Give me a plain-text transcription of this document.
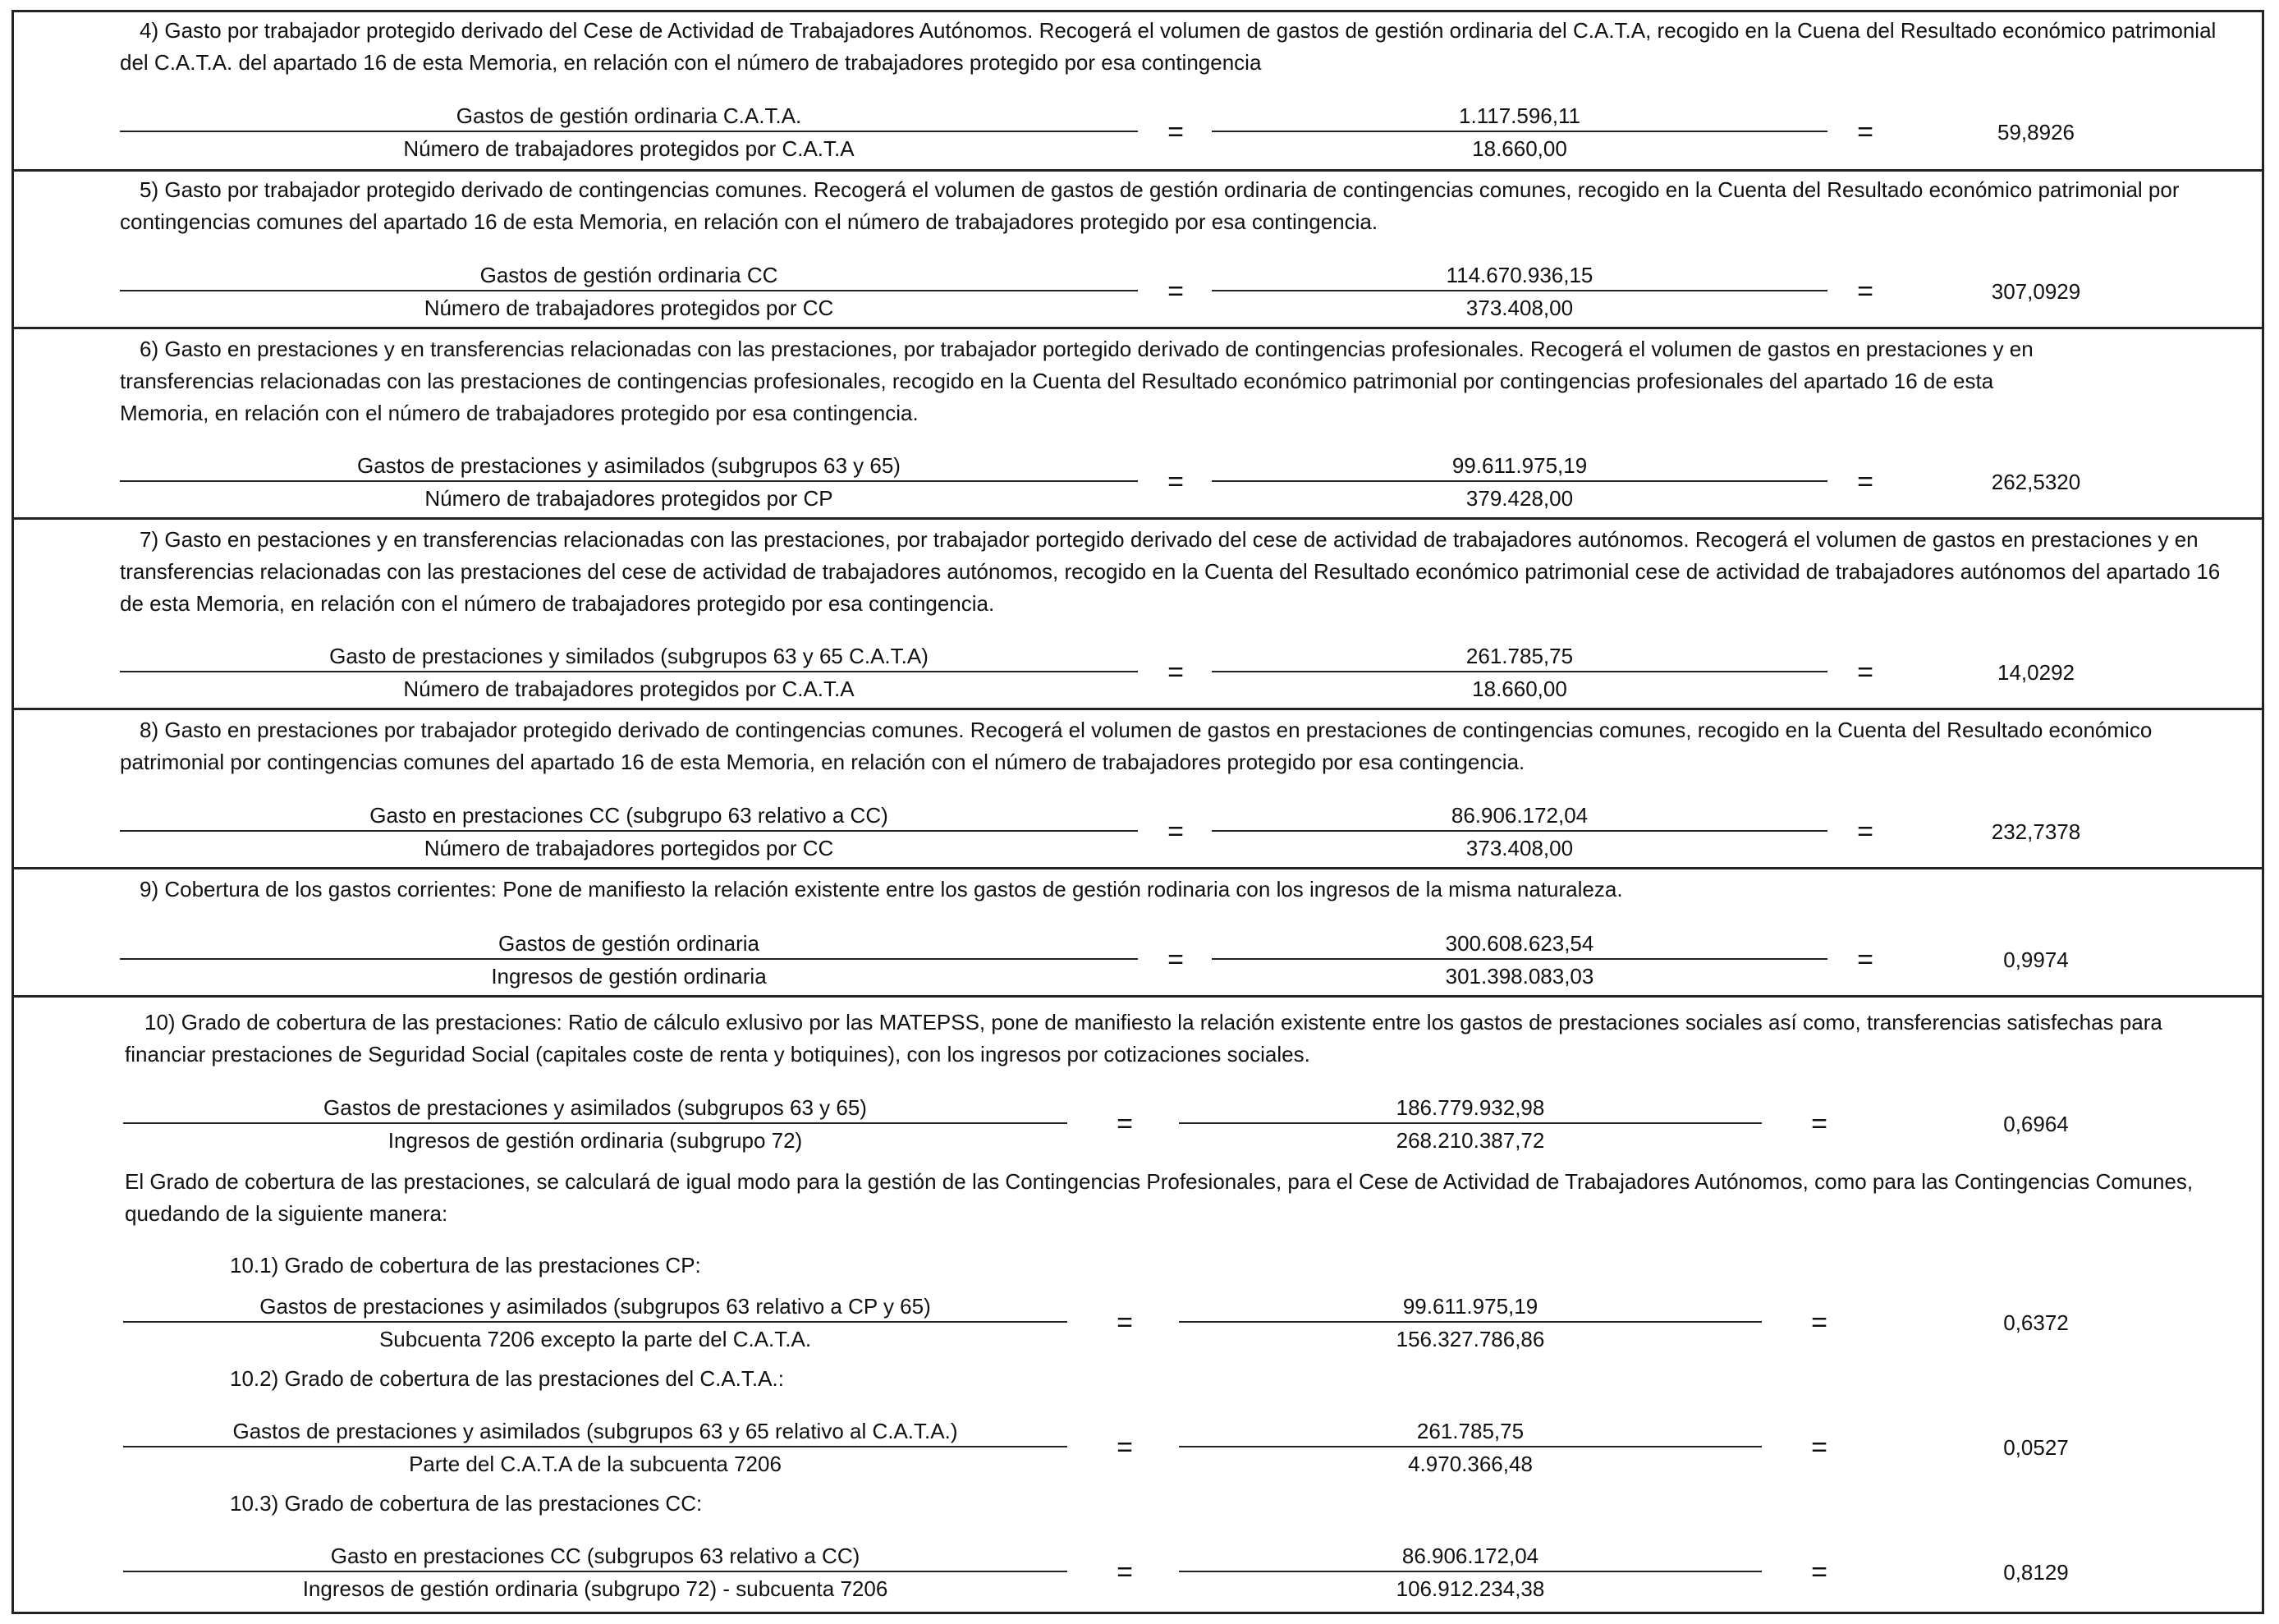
4) Gasto por trabajador protegido derivado del Cese de Actividad de Trabajadores Autónomos. Recogerá el volumen de gastos de gestión ordinaria del C.A.T.A, recogido en la Cuena del Resultado económico patrimonial del C.A.T.A. del apartado 16 de esta Memoria, en relación con el número de trabajadores protegido por esa contingencia
5) Gasto por trabajador protegido derivado de contingencias comunes. Recogerá el volumen de gastos de gestión ordinaria de contingencias comunes, recogido en la Cuenta del Resultado económico patrimonial por contingencias comunes del apartado 16 de esta Memoria, en relación con el número de trabajadores protegido por esa contingencia.
6) Gasto en prestaciones y en transferencias relacionadas con las prestaciones, por trabajador portegido derivado de contingencias profesionales. Recogerá el volumen de gastos en prestaciones y en transferencias relacionadas con las prestaciones de contingencias profesionales, recogido en la Cuenta del Resultado económico patrimonial por contingencias profesionales del apartado 16 de esta Memoria, en relación con el número de trabajadores protegido por esa contingencia.
7) Gasto en pestaciones y en transferencias relacionadas con las prestaciones, por trabajador portegido derivado del cese de actividad de trabajadores autónomos. Recogerá el volumen de gastos en prestaciones y en transferencias relacionadas con las prestaciones del cese de actividad de trabajadores autónomos, recogido en la Cuenta del Resultado económico patrimonial cese de actividad de trabajadores autónomos del apartado 16 de esta Memoria, en relación con el número de trabajadores protegido por esa contingencia.
8) Gasto en prestaciones por trabajador protegido derivado de contingencias comunes. Recogerá el volumen de gastos en prestaciones de contingencias comunes, recogido en la Cuenta del Resultado económico patrimonial por contingencias comunes del apartado 16 de esta Memoria, en relación con el número de trabajadores protegido por esa contingencia.
9) Cobertura de los gastos corrientes: Pone de manifiesto la relación existente entre los gastos de gestión rodinaria con los ingresos de la misma naturaleza.
Gastos de gestión ordinaria C.A.T.A.
Número de trabajadores protegidos por C.A.T.A
=
1.117.596,11
18.660,00
=	59,8926
Gastos de gestión ordinaria CC
Número de trabajadores protegidos por CC
=
114.670.936,15
373.408,00
=	307,0929
Gastos de prestaciones y asimilados (subgrupos 63 y 65)
Número de trabajadores protegidos por CP
=
99.611.975,19
379.428,00
=	262,5320
Gasto de prestaciones y similados (subgrupos 63 y 65 C.A.T.A)
Número de trabajadores protegidos por C.A.T.A
=
261.785,75
18.660,00
=	14,0292
Gasto en prestaciones CC (subgrupo 63 relativo a CC)
Número de trabajadores portegidos por CC
=
86.906.172,04
373.408,00
=	232,7378
Gastos de gestión ordinaria
Ingresos de gestión ordinaria
=
300.608.623,54
301.398.083,03
=	0,9974
10) Grado de cobertura de las prestaciones: Ratio de cálculo exlusivo por las MATEPSS, pone de manifiesto la relación existente entre los gastos de prestaciones sociales así como, transferencias satisfechas para financiar prestaciones de Seguridad Social (capitales coste de renta y botiquines), con los ingresos por cotizaciones sociales.
Gastos de prestaciones y asimilados (subgrupos 63 y 65)
Ingresos de gestión ordinaria (subgrupo 72)
=
186.779.932,98
268.210.387,72
=	0,6964
El Grado de cobertura de las prestaciones, se calculará de igual modo para la gestión de las Contingencias Profesionales, para el Cese de Actividad de Trabajadores Autónomos, como para las Contingencias Comunes, quedando de la siguiente manera:
10.1) Grado de cobertura de las prestaciones CP:
Gastos de prestaciones y asimilados (subgrupos 63 relativo a CP y 65)
Subcuenta 7206 excepto la parte del C.A.T.A.
=
99.611.975,19
156.327.786,86
=	0,6372
10.2) Grado de cobertura de las prestaciones del C.A.T.A.:
Gastos de prestaciones y asimilados (subgrupos 63 y 65 relativo al C.A.T.A.)
Parte del C.A.T.A de la subcuenta 7206
=
261.785,75
4.970.366,48
=	0,0527
10.3) Grado de cobertura de las prestaciones CC:
Gasto en prestaciones CC (subgrupos 63 relativo a CC)
Ingresos de gestión ordinaria (subgrupo 72) - subcuenta 7206
=
86.906.172,04
106.912.234,38
=	0,8129
